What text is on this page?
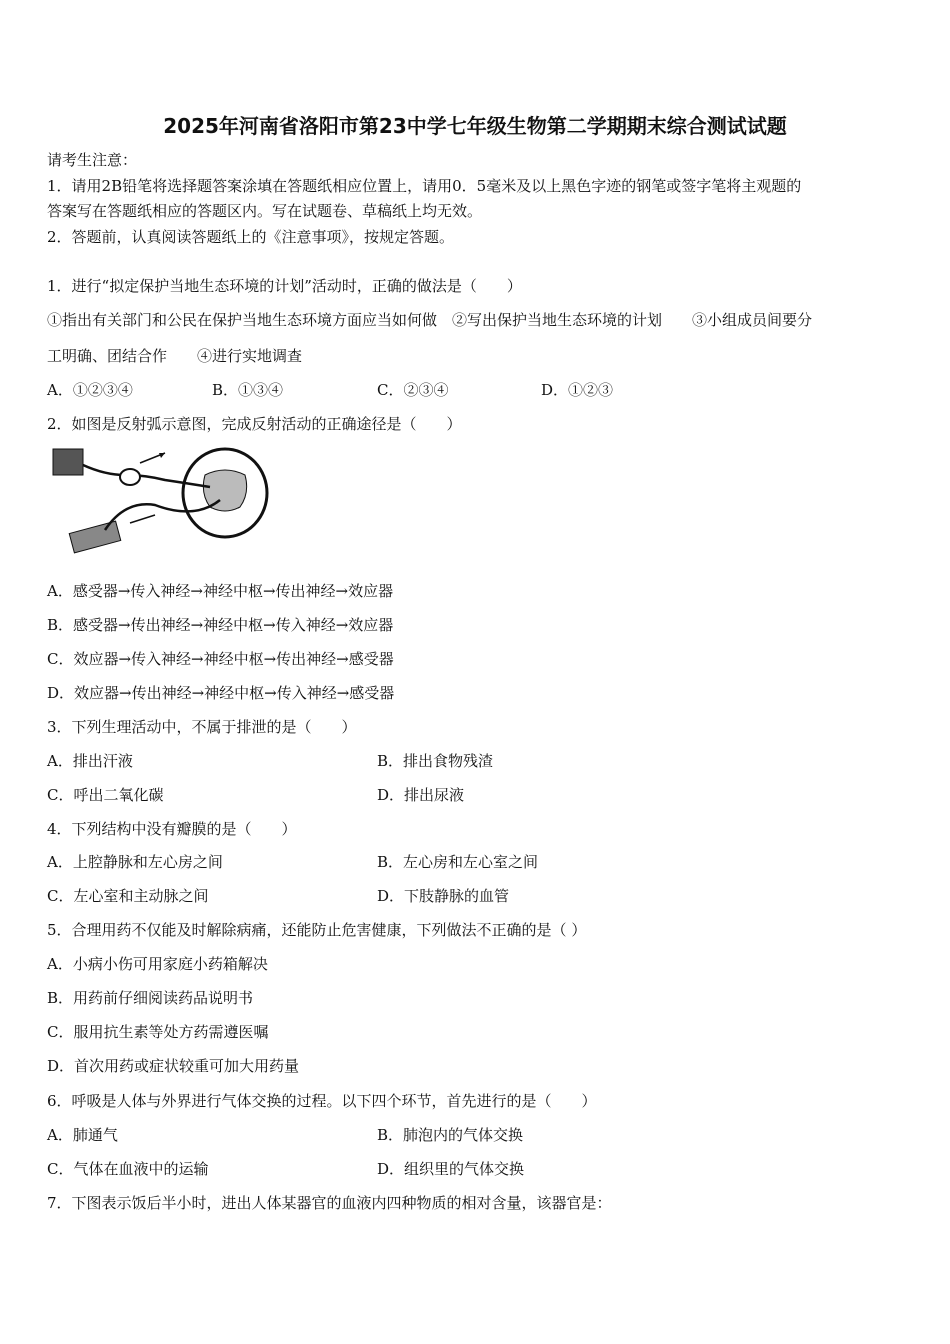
2025年河南省洛阳市第23中学七年级生物第二学期期末综合测试试题
请考生注意：
1．请用2B铅笔将选择题答案涂填在答题纸相应位置上，请用0．5毫米及以上黑色字迹的钢笔或签字笔将主观题的
答案写在答题纸相应的答题区内。写在试题卷、草稿纸上均无效。
2．答题前，认真阅读答题纸上的《注意事项》，按规定答题。
1．进行“拟定保护当地生态环境的计划”活动时，正确的做法是（　　）
①指出有关部门和公民在保护当地生态环境方面应当如何做　②写出保护当地生态环境的计划　　③小组成员间要分
工明确、团结合作　　④进行实地调查
A．①②③④	B．①③④	C．②③④	D．①②③
2．如图是反射弧示意图，完成反射活动的正确途径是（　　）
A．感受器→传入神经→神经中枢→传出神经→效应器
B．感受器→传出神经→神经中枢→传入神经→效应器
C．效应器→传入神经→神经中枢→传出神经→感受器
D．效应器→传出神经→神经中枢→传入神经→感受器
3．下列生理活动中，不属于排泄的是（　　）
A．排出汗液	B．排出食物残渣
C．呼出二氧化碳	D．排出尿液
4．下列结构中没有瓣膜的是（　　）
A．上腔静脉和左心房之间	B．左心房和左心室之间
C．左心室和主动脉之间	D．下肢静脉的血管
5．合理用药不仅能及时解除病痛，还能防止危害健康，下列做法不正确的是（ ）
A．小病小伤可用家庭小药箱解决
B．用药前仔细阅读药品说明书
C．服用抗生素等处方药需遵医嘱
D．首次用药或症状较重可加大用药量
6．呼吸是人体与外界进行气体交换的过程。以下四个环节，首先进行的是（　　）
A．肺通气	B．肺泡内的气体交换
C．气体在血液中的运输	D．组织里的气体交换
7．下图表示饭后半小时，进出人体某器官的血液内四种物质的相对含量，该器官是：
